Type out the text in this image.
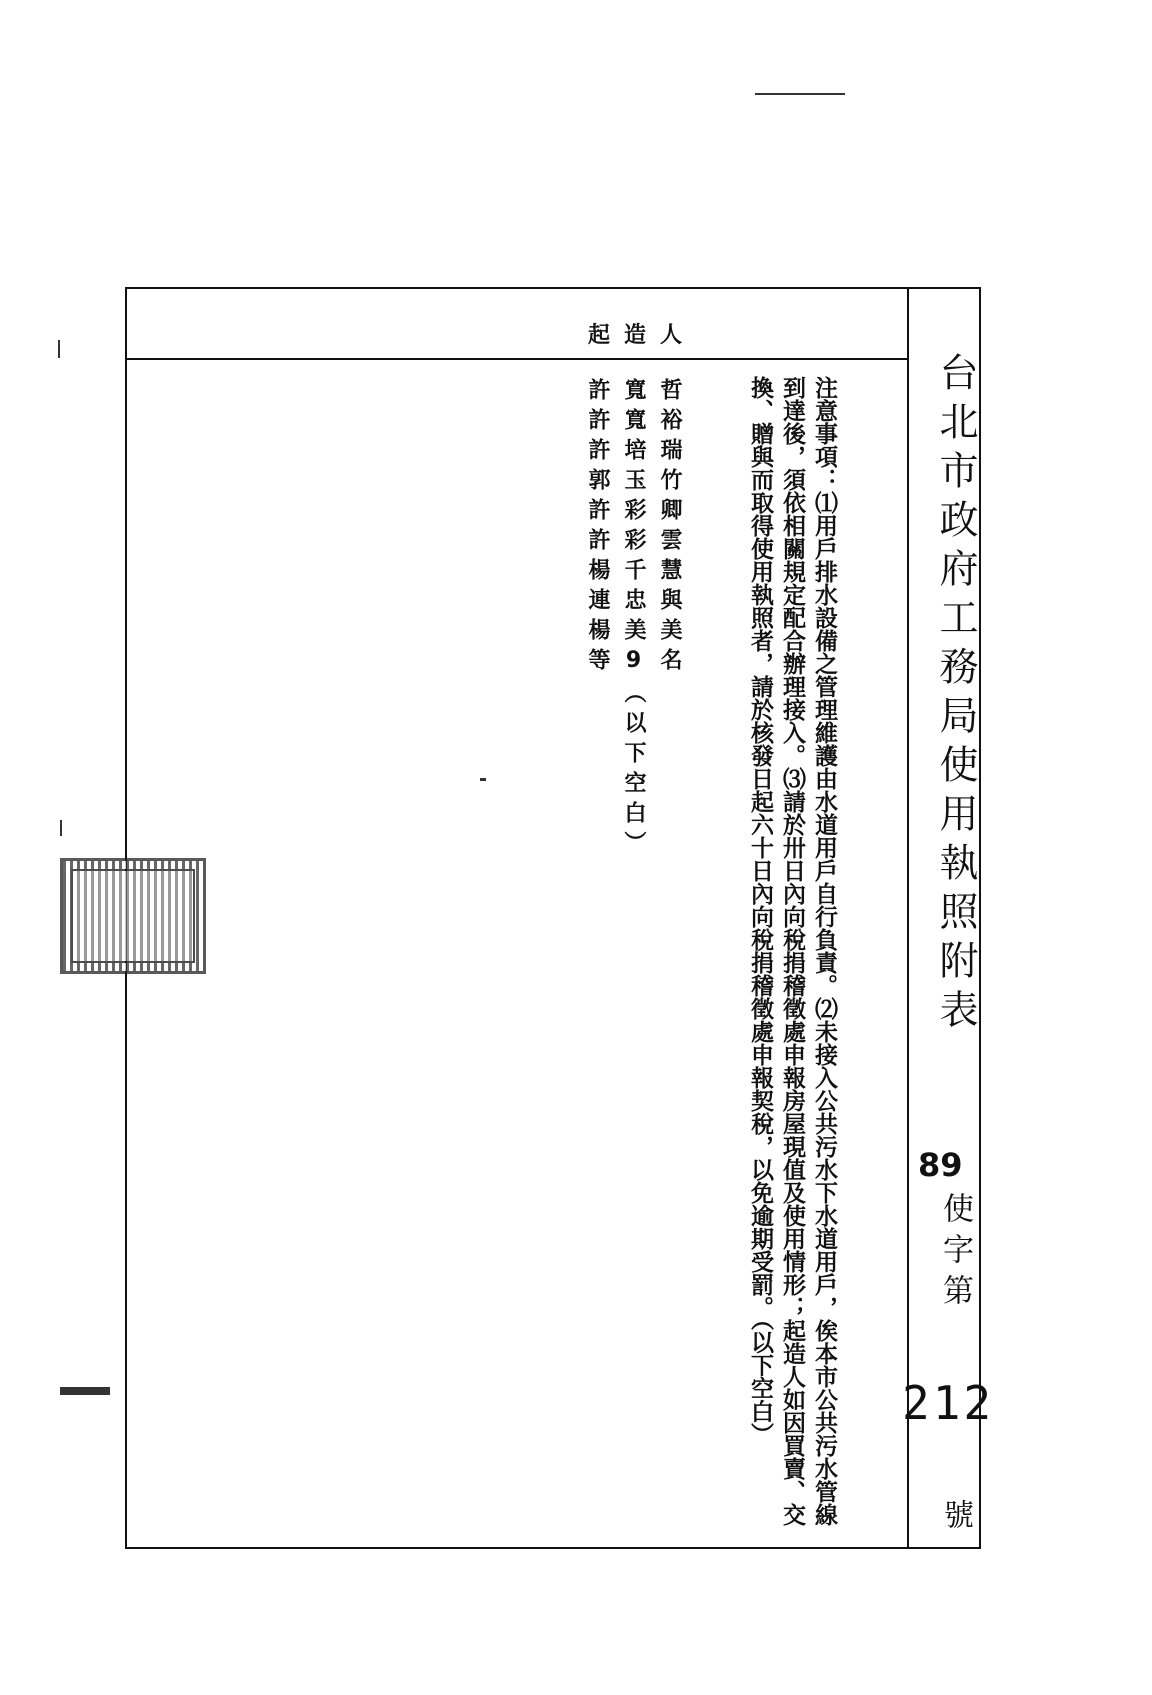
台北市政府工務局使用執照附表

89

使字第

212

號

注意事項：⑴用戶排水設備之管理維護由水道用戶自行負責。⑵未接入公共污水下水道用戶，俟本市公共污水管線到達後，須依相關規定配合辦理接入。⑶請於卅日內向稅捐稽徵處申報房屋現值及使用情形；起造人如因買賣、交換、贈與而取得使用執照者，請於核發日起六十日內向稅捐稽徵處申報契稅，以免逾期受罰。（以下空白）

起造人

哲裕瑞竹卿雲慧與美名

寬寬培玉彩彩千忠美9（以下空白）

許許許郭許許楊連楊等
